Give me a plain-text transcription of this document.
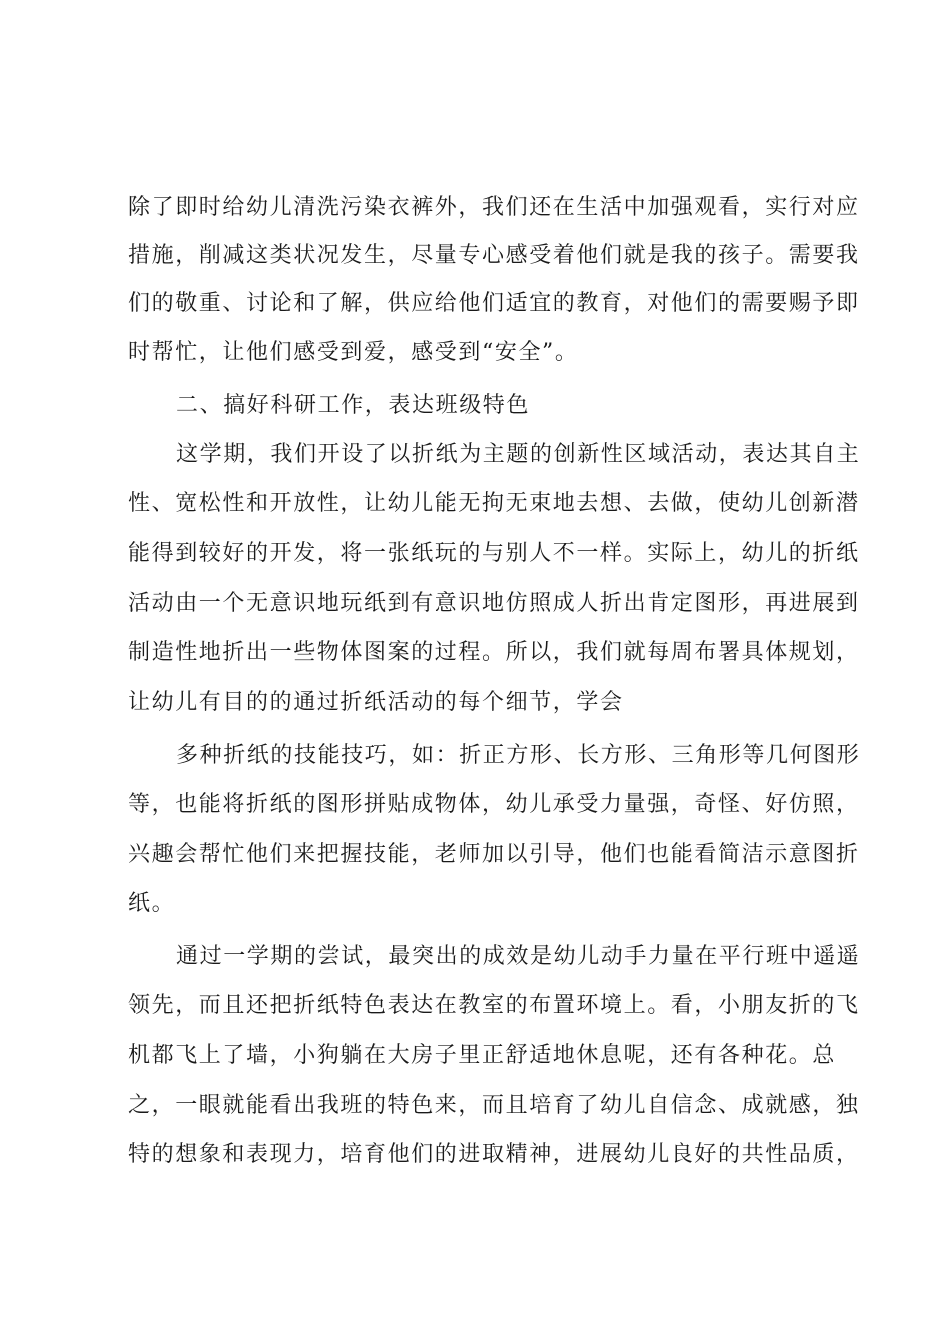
除了即时给幼儿清洗污染衣裤外，我们还在生活中加强观看，实行对应
措施，削减这类状况发生，尽量专心感受着他们就是我的孩子。需要我
们的敬重、讨论和了解，供应给他们适宜的教育，对他们的需要赐予即
时帮忙，让他们感受到爱，感受到“安全”。
二、搞好科研工作，表达班级特色
这学期，我们开设了以折纸为主题的创新性区域活动，表达其自主
性、宽松性和开放性，让幼儿能无拘无束地去想、去做，使幼儿创新潜
能得到较好的开发，将一张纸玩的与别人不一样。实际上，幼儿的折纸
活动由一个无意识地玩纸到有意识地仿照成人折出肯定图形，再进展到
制造性地折出一些物体图案的过程。所以，我们就每周布署具体规划，
让幼儿有目的的通过折纸活动的每个细节，学会
多种折纸的技能技巧，如：折正方形、长方形、三角形等几何图形
等，也能将折纸的图形拼贴成物体，幼儿承受力量强，奇怪、好仿照，
兴趣会帮忙他们来把握技能，老师加以引导，他们也能看简洁示意图折
纸。
通过一学期的尝试，最突出的成效是幼儿动手力量在平行班中遥遥
领先，而且还把折纸特色表达在教室的布置环境上。看，小朋友折的飞
机都飞上了墙，小狗躺在大房子里正舒适地休息呢，还有各种花。总
之，一眼就能看出我班的特色来，而且培育了幼儿自信念、成就感，独
特的想象和表现力，培育他们的进取精神，进展幼儿良好的共性品质，
